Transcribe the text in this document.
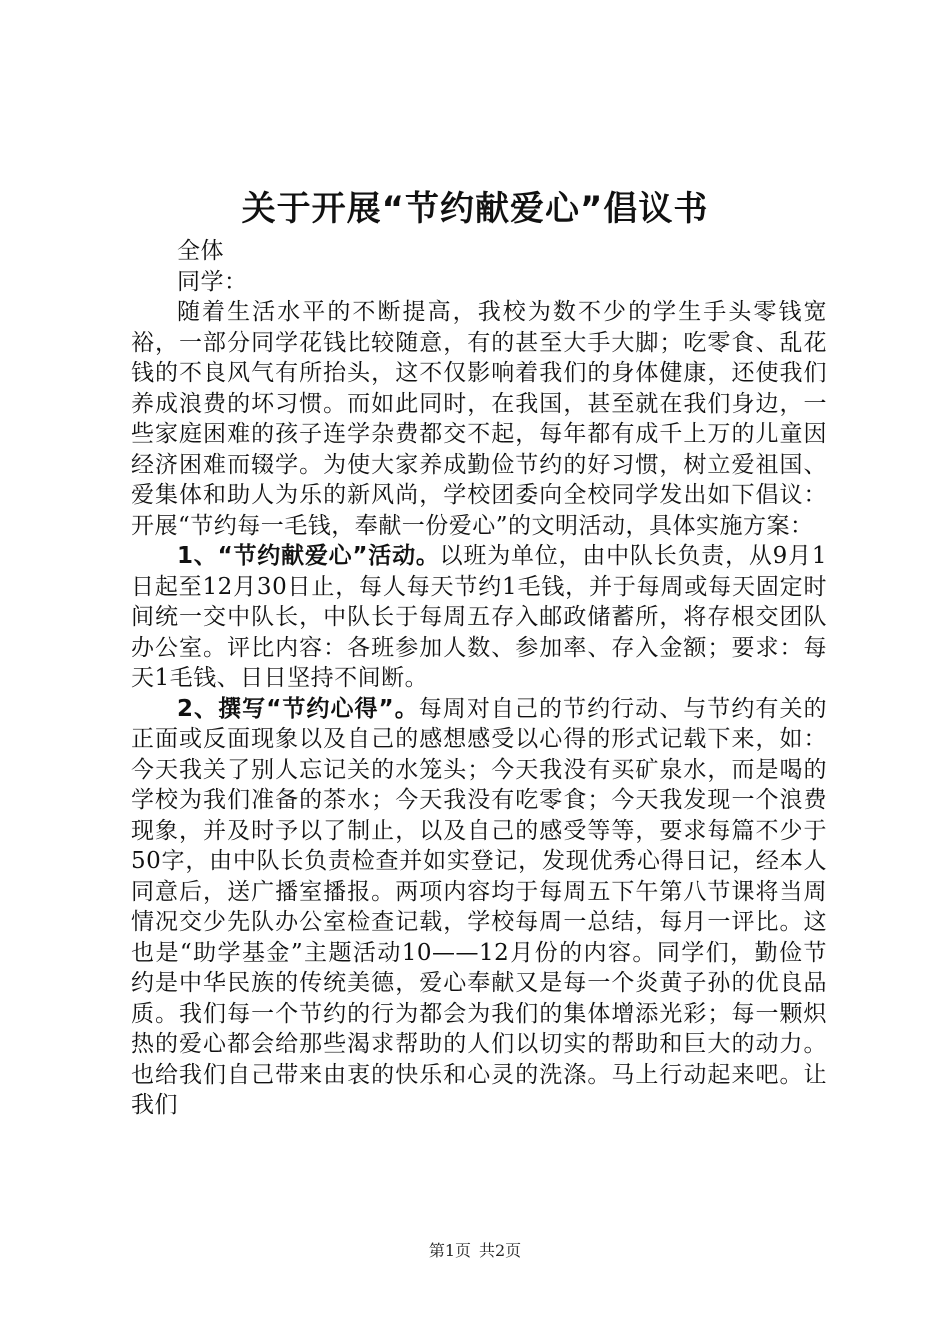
关于开展“节约献爱心”倡议书

全体

同学：

随着生活水平的不断提高，我校为数不少的学生手头零钱宽裕，一部分同学花钱比较随意，有的甚至大手大脚；吃零食、乱花钱的不良风气有所抬头，这不仅影响着我们的身体健康，还使我们养成浪费的坏习惯。而如此同时，在我国，甚至就在我们身边，一些家庭困难的孩子连学杂费都交不起，每年都有成千上万的儿童因经济困难而辍学。为使大家养成勤俭节约的好习惯，树立爱祖国、爱集体和助人为乐的新风尚，学校团委向全校同学发出如下倡议：开展“节约每一毛钱，奉献一份爱心”的文明活动，具体实施方案：

1、“节约献爱心”活动。以班为单位，由中队长负责，从9月1日起至12月30日止，每人每天节约1毛钱，并于每周或每天固定时间统一交中队长，中队长于每周五存入邮政储蓄所，将存根交团队办公室。评比内容：各班参加人数、参加率、存入金额；要求：每天1毛钱、日日坚持不间断。

2、撰写“节约心得”。每周对自己的节约行动、与节约有关的正面或反面现象以及自己的感想感受以心得的形式记载下来，如：今天我关了别人忘记关的水笼头；今天我没有买矿泉水，而是喝的学校为我们准备的茶水；今天我没有吃零食；今天我发现一个浪费现象，并及时予以了制止，以及自己的感受等等，要求每篇不少于50字，由中队长负责检查并如实登记，发现优秀心得日记，经本人同意后，送广播室播报。两项内容均于每周五下午第八节课将当周情况交少先队办公室检查记载，学校每周一总结，每月一评比。这也是“助学基金”主题活动10——12月份的内容。同学们，勤俭节约是中华民族的传统美德，爱心奉献又是每一个炎黄子孙的优良品质。我们每一个节约的行为都会为我们的集体增添光彩；每一颗炽热的爱心都会给那些渴求帮助的人们以切实的帮助和巨大的动力。也给我们自己带来由衷的快乐和心灵的洗涤。马上行动起来吧。让我们

第1页 共2页
